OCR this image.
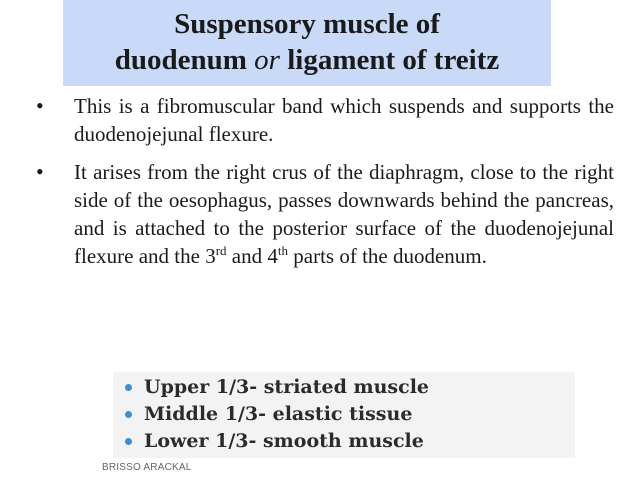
Suspensory muscle of
duodenum or ligament of treitz
• This is a fibromuscular band which suspends and supports the duodenojejunal flexure.
• It arises from the right crus of the diaphragm, close to the right side of the oesophagus, passes downwards behind the pancreas, and is attached to the posterior surface of the duodenojejunal flexure and the 3rd and 4th parts of the duodenum.
Upper 1/3- striated muscle
Middle 1/3- elastic tissue
Lower 1/3- smooth muscle
BRISSO ARACKAL
